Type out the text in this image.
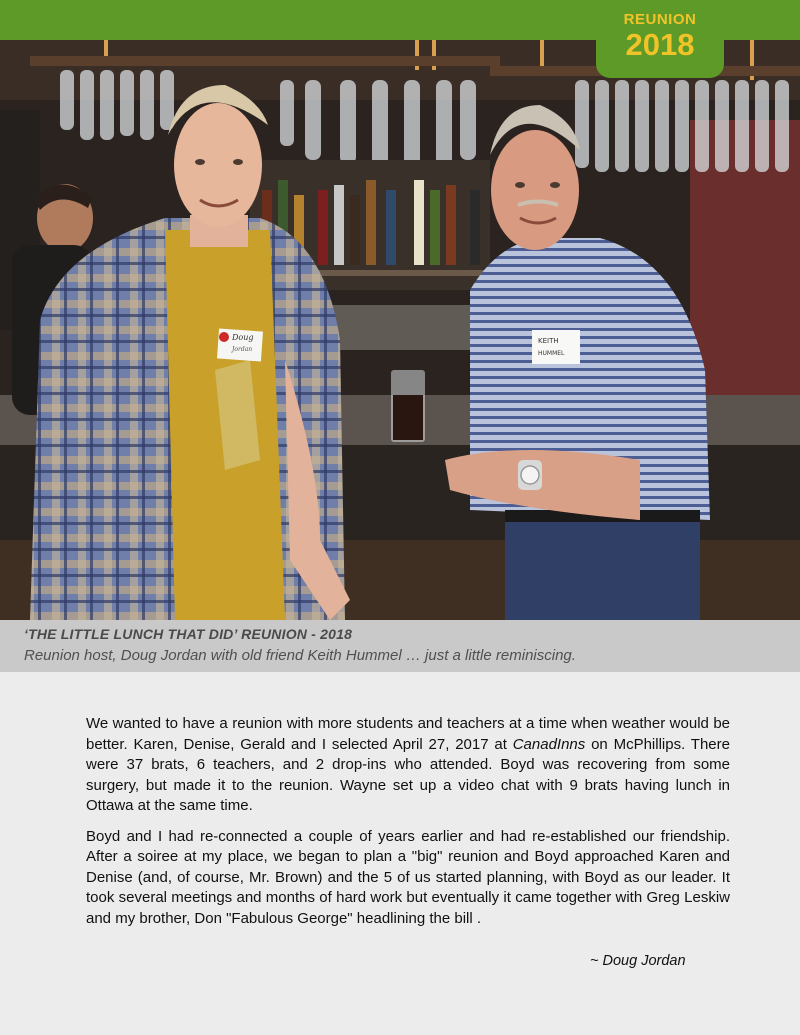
REUNION
2018
Doug
Jordan
KEITH
HUMMEL
‘THE LITTLE LUNCH THAT DID’ REUNION - 2018
Reunion host, Doug Jordan with old friend Keith Hummel … just a little reminiscing.

We wanted to have a reunion with more students and teachers at a time when weather would be better. Karen, Denise, Gerald and I selected April 27, 2017 at CanadInns on McPhillips. There were 37 brats, 6 teachers, and 2 drop-ins who attended. Boyd was recovering from some surgery, but made it to the reunion. Wayne set up a video chat with 9 brats having lunch in Ottawa at the same time.

Boyd and I had re-connected a couple of years earlier and had re-established our friendship. After a soiree at my place, we began to plan a "big" reunion and Boyd approached Karen and Denise (and, of course, Mr. Brown) and the 5 of us started planning, with Boyd as our leader. It took several meetings and months of hard work but eventually it came together with Greg Leskiw and my brother, Don "Fabulous George" headlining the bill .

~ Doug Jordan
